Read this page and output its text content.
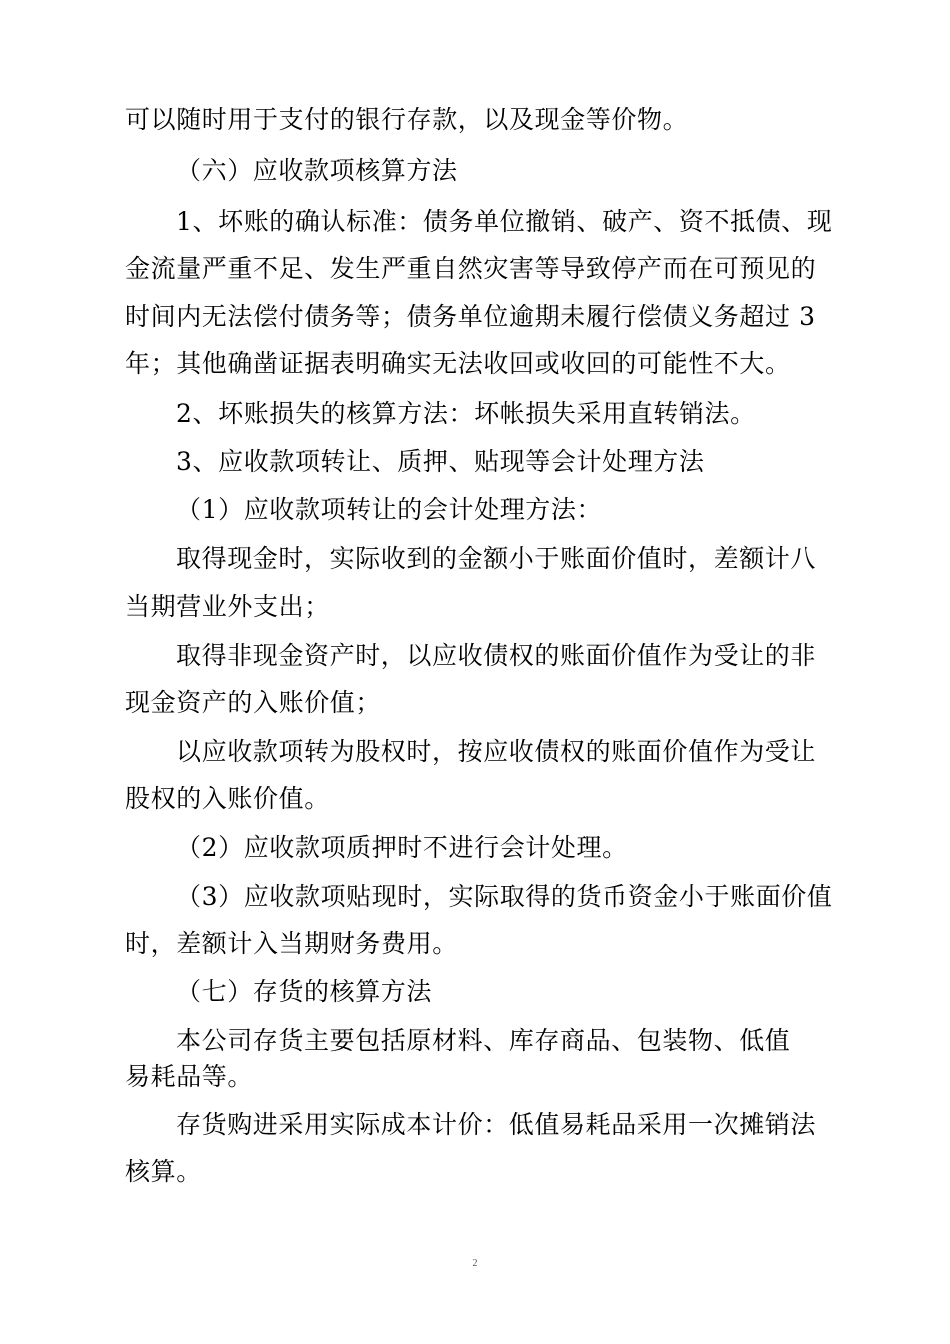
可以随时用于支付的银行存款，以及现金等价物。
（六）应收款项核算方法
1、坏账的确认标准：债务单位撤销、破产、资不抵债、现
金流量严重不足、发生严重自然灾害等导致停产而在可预见的
时间内无法偿付债务等；债务单位逾期未履行偿债义务超过 3
年；其他确凿证据表明确实无法收回或收回的可能性不大。
2、坏账损失的核算方法：坏帐损失采用直转销法。
3、应收款项转让、质押、贴现等会计处理方法
（1）应收款项转让的会计处理方法：
取得现金时，实际收到的金额小于账面价值时，差额计八
当期营业外支出；
取得非现金资产时，以应收债权的账面价值作为受让的非
现金资产的入账价值；
以应收款项转为股权时，按应收债权的账面价值作为受让
股权的入账价值。
（2）应收款项质押时不进行会计处理。
（3）应收款项贴现时，实际取得的货币资金小于账面价值
时，差额计入当期财务费用。
（七）存货的核算方法
本公司存货主要包括原材料、库存商品、包装物、低值
易耗品等。
存货购进采用实际成本计价：低值易耗品采用一次摊销法
核算。
2
